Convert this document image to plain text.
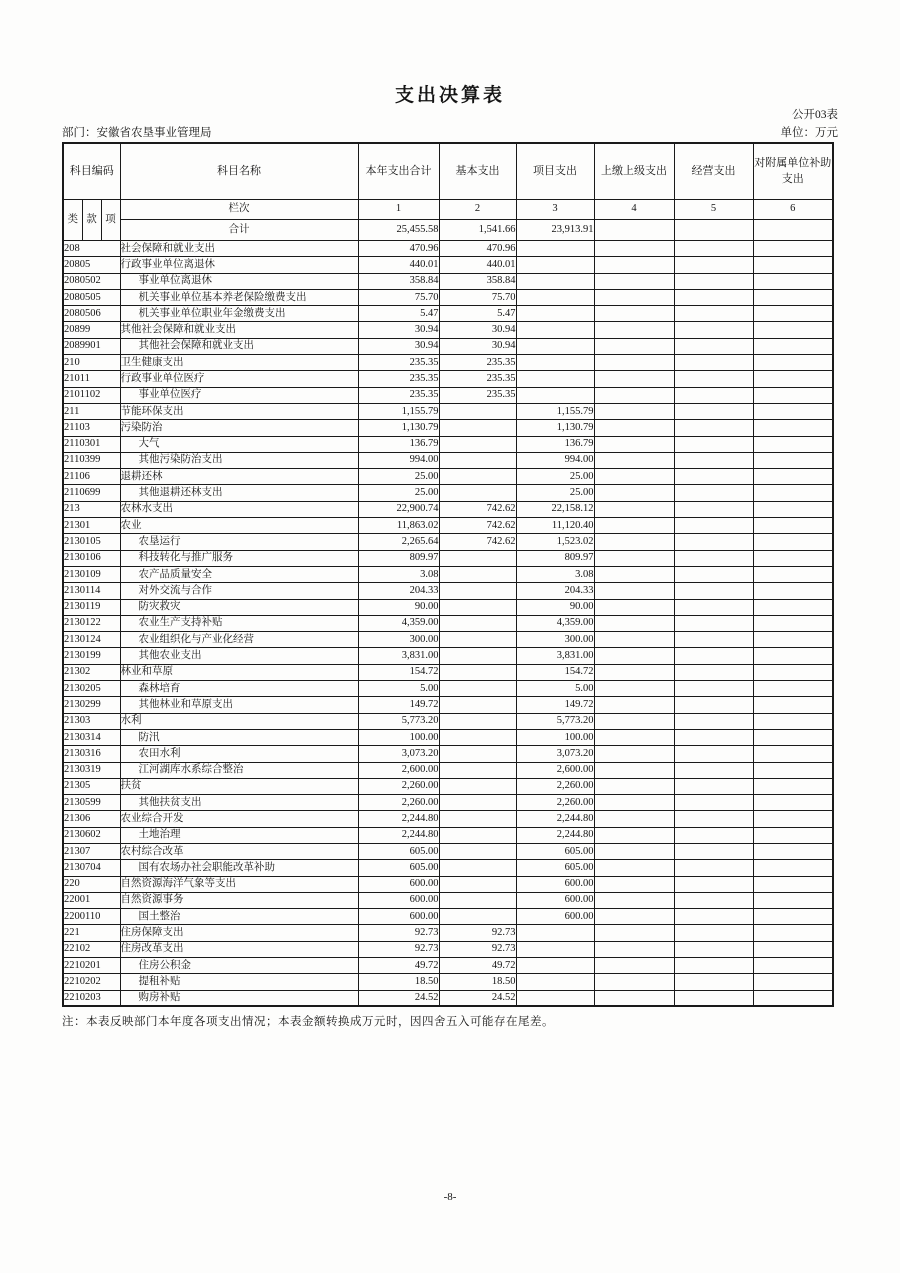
支出决算表
公开03表
部门：安徽省农垦事业管理局	单位：万元
科目编码			科目名称	本年支出合计	基本支出	项目支出	上缴上级支出	经营支出	对附属单位补助支出
类	款	项	栏次	1	2	3	4	5	6
			合计	25,455.58	1,541.66	23,913.91			
208			社会保障和就业支出	470.96	470.96				
20805			行政事业单位离退休	440.01	440.01				
2080502			事业单位离退休	358.84	358.84				
2080505			机关事业单位基本养老保险缴费支出	75.70	75.70				
2080506			机关事业单位职业年金缴费支出	5.47	5.47				
20899			其他社会保障和就业支出	30.94	30.94				
2089901			其他社会保障和就业支出	30.94	30.94				
210			卫生健康支出	235.35	235.35				
21011			行政事业单位医疗	235.35	235.35				
2101102			事业单位医疗	235.35	235.35				
211			节能环保支出	1,155.79		1,155.79			
21103			污染防治	1,130.79		1,130.79			
2110301			大气	136.79		136.79			
2110399			其他污染防治支出	994.00		994.00			
21106			退耕还林	25.00		25.00			
2110699			其他退耕还林支出	25.00		25.00			
213			农林水支出	22,900.74	742.62	22,158.12			
21301			农业	11,863.02	742.62	11,120.40			
2130105			农垦运行	2,265.64	742.62	1,523.02			
2130106			科技转化与推广服务	809.97		809.97			
2130109			农产品质量安全	3.08		3.08			
2130114			对外交流与合作	204.33		204.33			
2130119			防灾救灾	90.00		90.00			
2130122			农业生产支持补贴	4,359.00		4,359.00			
2130124			农业组织化与产业化经营	300.00		300.00			
2130199			其他农业支出	3,831.00		3,831.00			
21302			林业和草原	154.72		154.72			
2130205			森林培育	5.00		5.00			
2130299			其他林业和草原支出	149.72		149.72			
21303			水利	5,773.20		5,773.20			
2130314			防汛	100.00		100.00			
2130316			农田水利	3,073.20		3,073.20			
2130319			江河湖库水系综合整治	2,600.00		2,600.00			
21305			扶贫	2,260.00		2,260.00			
2130599			其他扶贫支出	2,260.00		2,260.00			
21306			农业综合开发	2,244.80		2,244.80			
2130602			土地治理	2,244.80		2,244.80			
21307			农村综合改革	605.00		605.00			
2130704			国有农场办社会职能改革补助	605.00		605.00			
220			自然资源海洋气象等支出	600.00		600.00			
22001			自然资源事务	600.00		600.00			
2200110			国土整治	600.00		600.00			
221			住房保障支出	92.73	92.73				
22102			住房改革支出	92.73	92.73				
2210201			住房公积金	49.72	49.72				
2210202			提租补贴	18.50	18.50				
2210203			购房补贴	24.52	24.52				
注：本表反映部门本年度各项支出情况；本表金额转换成万元时，因四舍五入可能存在尾差。
-8-
